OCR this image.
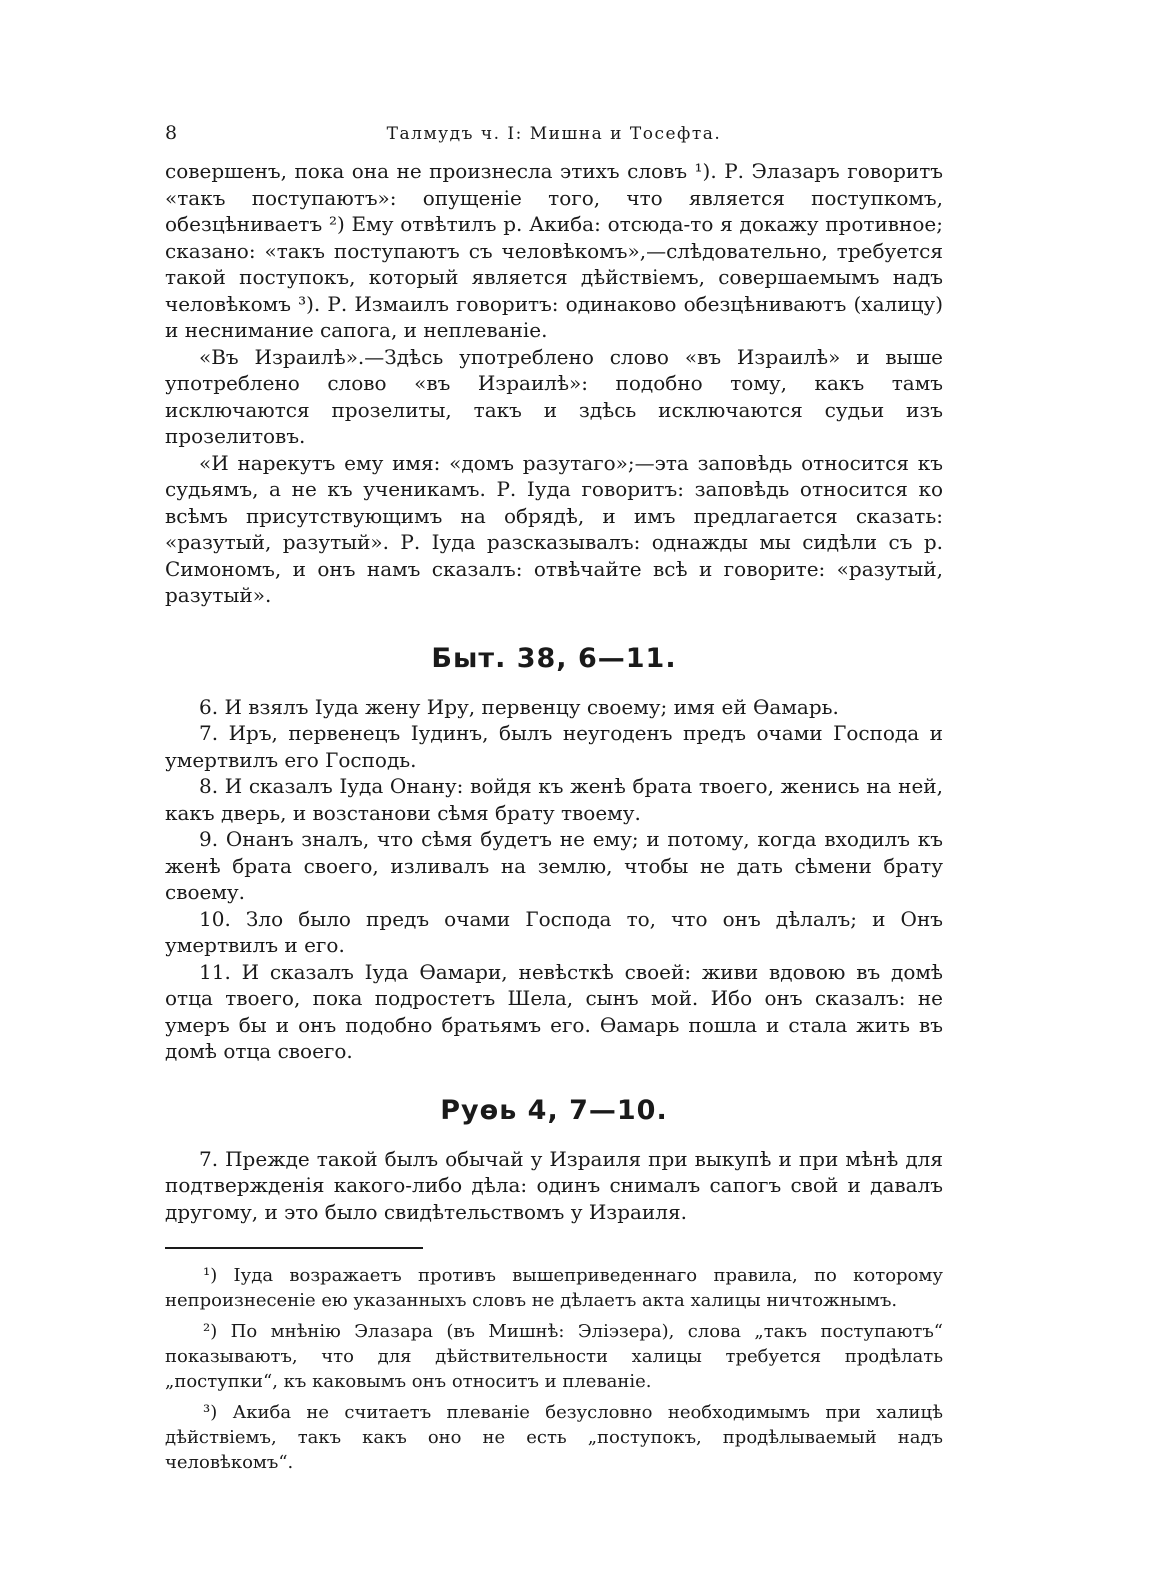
8	Талмудъ ч. I: Мишна и Тосефта.

совершенъ, пока она не произнесла этихъ словъ ¹). Р. Элазаръ говоритъ «такъ поступаютъ»: опущеніе того, что является поступкомъ, обезцѣниваетъ ²) Ему отвѣтилъ р. Акиба: отсюда-то я докажу противное; сказано: «такъ поступаютъ съ человѣкомъ»,—слѣдовательно, требуется такой поступокъ, который является дѣйствіемъ, совершаемымъ надъ человѣкомъ ³). Р. Измаилъ говоритъ: одинаково обезцѣниваютъ (халицу) и неснимание сапога, и неплеваніе.

«Въ Израилѣ».—Здѣсь употреблено слово «въ Израилѣ» и выше употреблено слово «въ Израилѣ»: подобно тому, какъ тамъ исключаются прозелиты, такъ и здѣсь исключаются судьи изъ прозелитовъ.

«И нарекутъ ему имя: «домъ разутаго»;—эта заповѣдь относится къ судьямъ, а не къ ученикамъ. Р. Іуда говоритъ: заповѣдь относится ко всѣмъ присутствующимъ на обрядѣ, и имъ предлагается сказать: «разутый, разутый». Р. Іуда разсказывалъ: однажды мы сидѣли съ р. Симономъ, и онъ намъ сказалъ: отвѣчайте всѣ и говорите: «разутый, разутый».

Быт. 38, 6—11.

6. И взялъ Іуда жену Иру, первенцу своему; имя ей Ѳамарь.

7. Иръ, первенецъ Іудинъ, былъ неугоденъ предъ очами Господа и умертвилъ его Господь.

8. И сказалъ Іуда Онану: войдя къ женѣ брата твоего, женись на ней, какъ дверь, и возстанови сѣмя брату твоему.

9. Онанъ зналъ, что сѣмя будетъ не ему; и потому, когда входилъ къ женѣ брата своего, изливалъ на землю, чтобы не дать сѣмени брату своему.

10. Зло было предъ очами Господа то, что онъ дѣлалъ; и Онъ умертвилъ и его.

11. И сказалъ Іуда Ѳамари, невѣсткѣ своей: живи вдовою въ домѣ отца твоего, пока подростетъ Шела, сынъ мой. Ибо онъ сказалъ: не умеръ бы и онъ подобно братьямъ его. Ѳамарь пошла и стала жить въ домѣ отца своего.

Руѳь 4, 7—10.

7. Прежде такой былъ обычай у Израиля при выкупѣ и при мѣнѣ для подтвержденія какого-либо дѣла: одинъ снималъ сапогъ свой и давалъ другому, и это было свидѣтельствомъ у Израиля.

¹) Іуда возражаетъ противъ вышеприведеннаго правила, по которому непроизнесеніе ею указанныхъ словъ не дѣлаетъ акта халицы ничтожнымъ.

²) По мнѣнію Элазара (въ Мишнѣ: Эліэзера), слова „такъ поступаютъ“ показываютъ, что для дѣйствительности халицы требуется продѣлать „поступки“, къ каковымъ онъ относитъ и плеваніе.

³) Акиба не считаетъ плеваніе безусловно необходимымъ при халицѣ дѣйствіемъ, такъ какъ оно не есть „поступокъ, продѣлываемый надъ человѣкомъ“.
